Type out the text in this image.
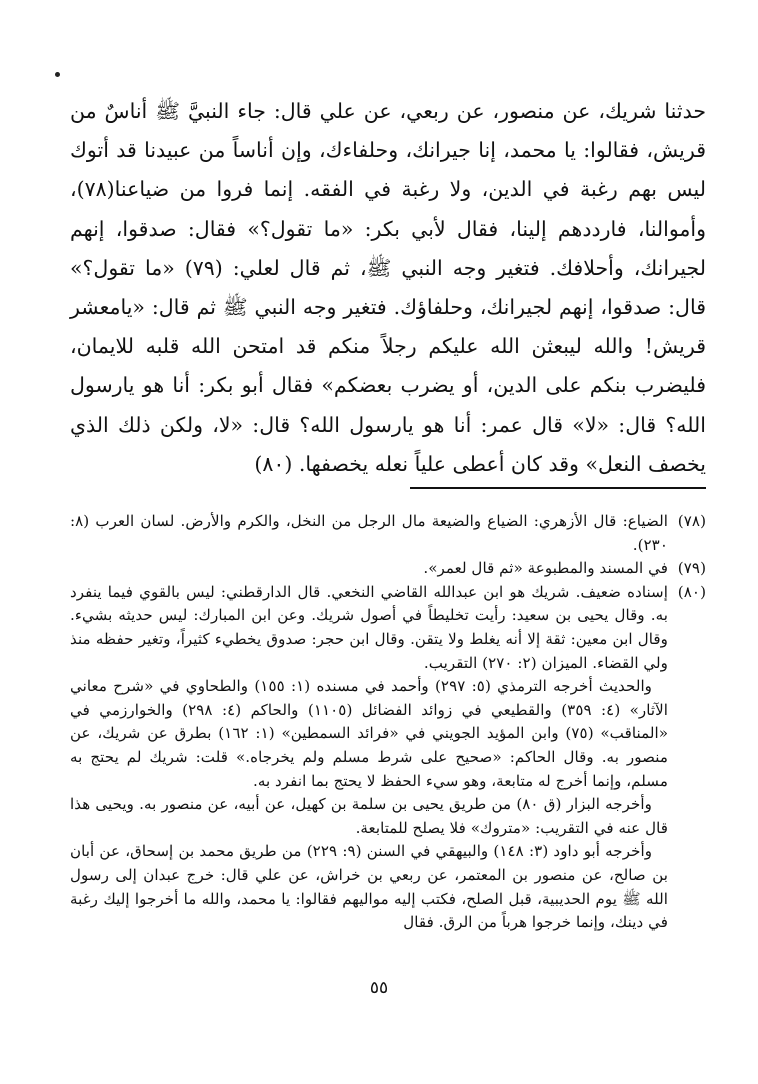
حدثنا شريك، عن منصور، عن ربعي، عن علي قال: جاء النبيَّ ﷺ أناسٌ من قريش، فقالوا: يا محمد، إنا جيرانك، وحلفاءك، وإن أناساً من عبيدنا قد أتوك ليس بهم رغبة في الدين، ولا رغبة في الفقه. إنما فروا من ضياعنا(٧٨)، وأموالنا، فارددهم إلينا، فقال لأبي بكر: «ما تقول؟» فقال: صدقوا، إنهم لجيرانك، وأحلافك. فتغير وجه النبي ﷺ، ثم قال لعلي: (٧٩) «ما تقول؟» قال: صدقوا، إنهم لجيرانك، وحلفاؤك. فتغير وجه النبي ﷺ ثم قال: «يامعشر قريش! والله ليبعثن الله عليكم رجلاً منكم قد امتحن الله قلبه للايمان، فليضرب بنكم على الدين، أو يضرب بعضكم» فقال أبو بكر: أنا هو يارسول الله؟ قال: «لا» قال عمر: أنا هو يارسول الله؟ قال: «لا، ولكن ذلك الذي يخصف النعل» وقد كان أعطى علياً نعله يخصفها. (٨٠)

(٧٨)

الضياع: قال الأزهري: الضياع والضيعة مال الرجل من النخل، والكرم والأرض. لسان العرب (٨: ٢٣٠).

(٧٩)

في المسند والمطبوعة «ثم قال لعمر».

(٨٠)

إسناده ضعيف. شريك هو ابن عبدالله القاضي النخعي. قال الدارقطني: ليس بالقوي فيما ينفرد به. وقال يحيى بن سعيد: رأيت تخليطاً في أصول شريك. وعن ابن المبارك: ليس حديثه بشيء. وقال ابن معين: ثقة إلا أنه يغلط ولا يتقن. وقال ابن حجر: صدوق يخطيء كثيراً، وتغير حفظه منذ ولي القضاء. الميزان (٢: ٢٧٠) التقريب.

والحديث أخرجه الترمذي (٥: ٢٩٧) وأحمد في مسنده (١: ١٥٥) والطحاوي في «شرح معاني الآثار» (٤: ٣٥٩) والقطيعي في زوائد الفضائل (١١٠٥) والحاكم (٤: ٢٩٨) والخوارزمي في «المناقب» (٧٥) وابن المؤيد الجويني في «فرائد السمطين» (١: ١٦٢) بطرق عن شريك، عن منصور به. وقال الحاكم: «صحيح على شرط مسلم ولم يخرجاه.» قلت: شريك لم يحتج به مسلم، وإنما أخرج له متابعة، وهو سيء الحفظ لا يحتج بما انفرد به.

وأخرجه البزار (ق ٨٠) من طريق يحيى بن سلمة بن كهيل، عن أبيه، عن منصور به. ويحيى هذا قال عنه في التقريب: «متروك» فلا يصلح للمتابعة.

وأخرجه أبو داود (٣: ١٤٨) والبيهقي في السنن (٩: ٢٢٩) من طريق محمد بن إسحاق، عن أبان بن صالح، عن منصور بن المعتمر، عن ربعي بن خراش، عن علي قال: خرج عبدان إلى رسول الله ﷺ يوم الحديبية، قبل الصلح، فكتب إليه مواليهم فقالوا: يا محمد، والله ما أخرجوا إليك رغبة في دينك، وإنما خرجوا هرباً من الرق. فقال

٥٥
